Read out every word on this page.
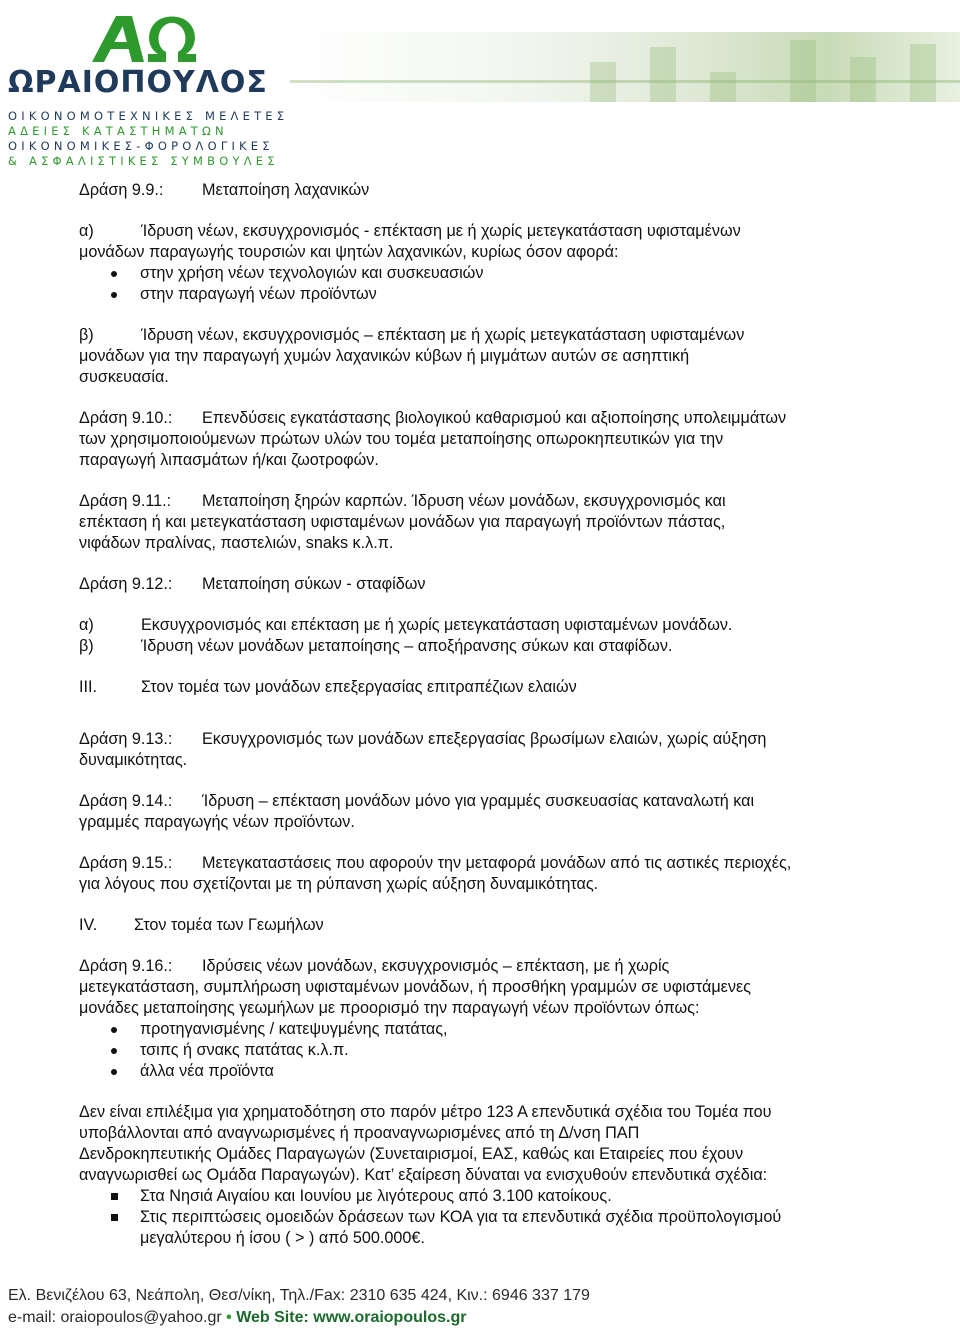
ΩΡΑΙΟΠΟΥΛΟΣ
ΟΙΚΟΝΟΜΟΤΕΧΝΙΚΕΣ ΜΕΛΕΤΕΣ
ΑΔΕΙΕΣ ΚΑΤΑΣΤΗΜΑΤΩΝ
ΟΙΚΟΝΟΜΙΚΕΣ-ΦΟΡΟΛΟΓΙΚΕΣ
& ΑΣΦΑΛΙΣΤΙΚΕΣ ΣΥΜΒΟΥΛΕΣ
Δράση 9.9.:	Μεταποίηση λαχανικών
α)	Ίδρυση νέων, εκσυγχρονισμός - επέκταση με ή χωρίς μετεγκατάσταση υφισταμένων
μονάδων παραγωγής τουρσιών και ψητών λαχανικών, κυρίως όσον αφορά:
στην χρήση νέων τεχνολογιών και συσκευασιών
στην παραγωγή νέων προϊόντων
β)	Ίδρυση νέων, εκσυγχρονισμός – επέκταση με ή χωρίς μετεγκατάσταση υφισταμένων
μονάδων για την παραγωγή χυμών λαχανικών κύβων ή μιγμάτων αυτών σε ασηπτική
συσκευασία.
Δράση 9.10.:	Επενδύσεις εγκατάστασης βιολογικού καθαρισμού και αξιοποίησης υπολειμμάτων
των χρησιμοποιούμενων πρώτων υλών του τομέα μεταποίησης οπωροκηπευτικών για την
παραγωγή λιπασμάτων ή/και ζωοτροφών.
Δράση 9.11.:	Μεταποίηση ξηρών καρπών. Ίδρυση νέων μονάδων, εκσυγχρονισμός και
επέκταση ή και μετεγκατάσταση υφισταμένων μονάδων για παραγωγή προϊόντων πάστας,
νιφάδων πραλίνας, παστελιών, snaks κ.λ.π.
Δράση 9.12.:	Μεταποίηση σύκων - σταφίδων
α)	Εκσυγχρονισμός και επέκταση με ή χωρίς μετεγκατάσταση υφισταμένων μονάδων.
β)	Ίδρυση νέων μονάδων μεταποίησης – αποξήρανσης σύκων και σταφίδων.
III.	Στον τομέα των μονάδων επεξεργασίας επιτραπέζιων ελαιών
Δράση 9.13.:	Εκσυγχρονισμός των μονάδων επεξεργασίας βρωσίμων ελαιών, χωρίς αύξηση
δυναμικότητας.
Δράση 9.14.:	Ίδρυση – επέκταση μονάδων μόνο για γραμμές συσκευασίας καταναλωτή και
γραμμές παραγωγής νέων προϊόντων.
Δράση 9.15.:	Μετεγκαταστάσεις που αφορούν την μεταφορά μονάδων από τις αστικές περιοχές,
για λόγους που σχετίζονται με τη ρύπανση χωρίς αύξηση δυναμικότητας.
IV.	Στον τομέα των Γεωμήλων
Δράση 9.16.:	Ιδρύσεις νέων μονάδων, εκσυγχρονισμός – επέκταση, με ή χωρίς
μετεγκατάσταση, συμπλήρωση υφισταμένων μονάδων, ή προσθήκη γραμμών σε υφιστάμενες
μονάδες μεταποίησης γεωμήλων με προορισμό την παραγωγή νέων προϊόντων όπως:
προτηγανισμένης / κατεψυγμένης πατάτας,
τσιπς ή σνακς πατάτας κ.λ.π.
άλλα νέα προϊόντα
Δεν είναι επιλέξιμα για χρηματοδότηση στο παρόν μέτρο 123 Α επενδυτικά σχέδια του Τομέα που
υποβάλλονται από αναγνωρισμένες ή προαναγνωρισμένες από τη Δ/νση ΠΑΠ
Δενδροκηπευτικής Ομάδες Παραγωγών (Συνεταιρισμοί, ΕΑΣ, καθώς και Εταιρείες που έχουν
αναγνωρισθεί ως Ομάδα Παραγωγών). Κατ’ εξαίρεση δύναται να ενισχυθούν επενδυτικά σχέδια:
Στα Νησιά Αιγαίου και Ιουνίου με λιγότερους από 3.100 κατοίκους.
Στις περιπτώσεις ομοειδών δράσεων των ΚΟΑ για τα επενδυτικά σχέδια προϋπολογισμού
μεγαλύτερου ή ίσου ( > ) από 500.000€.
Ελ. Βενιζέλου 63, Νεάπολη, Θεσ/νίκη, Τηλ./Fax: 2310 635 424, Κιν.: 6946 337 179
e-mail: oraiopoulos@yahoo.gr • Web Site: www.oraiopoulos.gr
